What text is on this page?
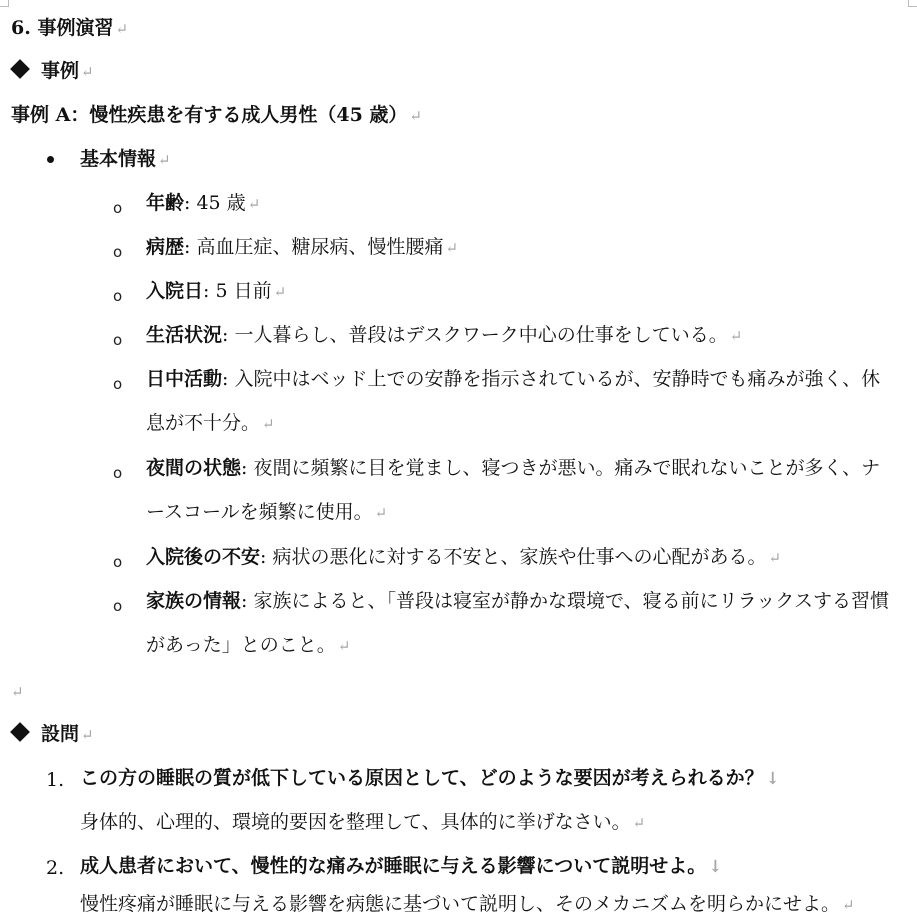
6. 事例演習 ↵
事例 ↵
事例 A：慢性疾患を有する成人男性（45 歳） ↵
基本情報 ↵
o 年齢: 45 歳 ↵
o 病歴: 高血圧症、糖尿病、慢性腰痛 ↵
o 入院日: 5 日前 ↵
o 生活状況: 一人暮らし、普段はデスクワーク中心の仕事をしている。 ↵
o 日中活動: 入院中はベッド上での安静を指示されているが、安静時でも痛みが強く、休
息が不十分。 ↵
o 夜間の状態: 夜間に頻繁に目を覚まし、寝つきが悪い。痛みで眠れないことが多く、ナ
ースコールを頻繁に使用。 ↵
o 入院後の不安: 病状の悪化に対する不安と、家族や仕事への心配がある。 ↵
o 家族の情報: 家族によると、「普段は寝室が静かな環境で、寝る前にリラックスする習慣
があった」とのこと。 ↵
↵
設問 ↵
1. この方の睡眠の質が低下している原因として、どのような要因が考えられるか？ ↓
身体的、心理的、環境的要因を整理して、具体的に挙げなさい。 ↵
2. 成人患者において、慢性的な痛みが睡眠に与える影響について説明せよ。 ↓
慢性疼痛が睡眠に与える影響を病態に基づいて説明し、そのメカニズムを明らかにせよ。 ↵
